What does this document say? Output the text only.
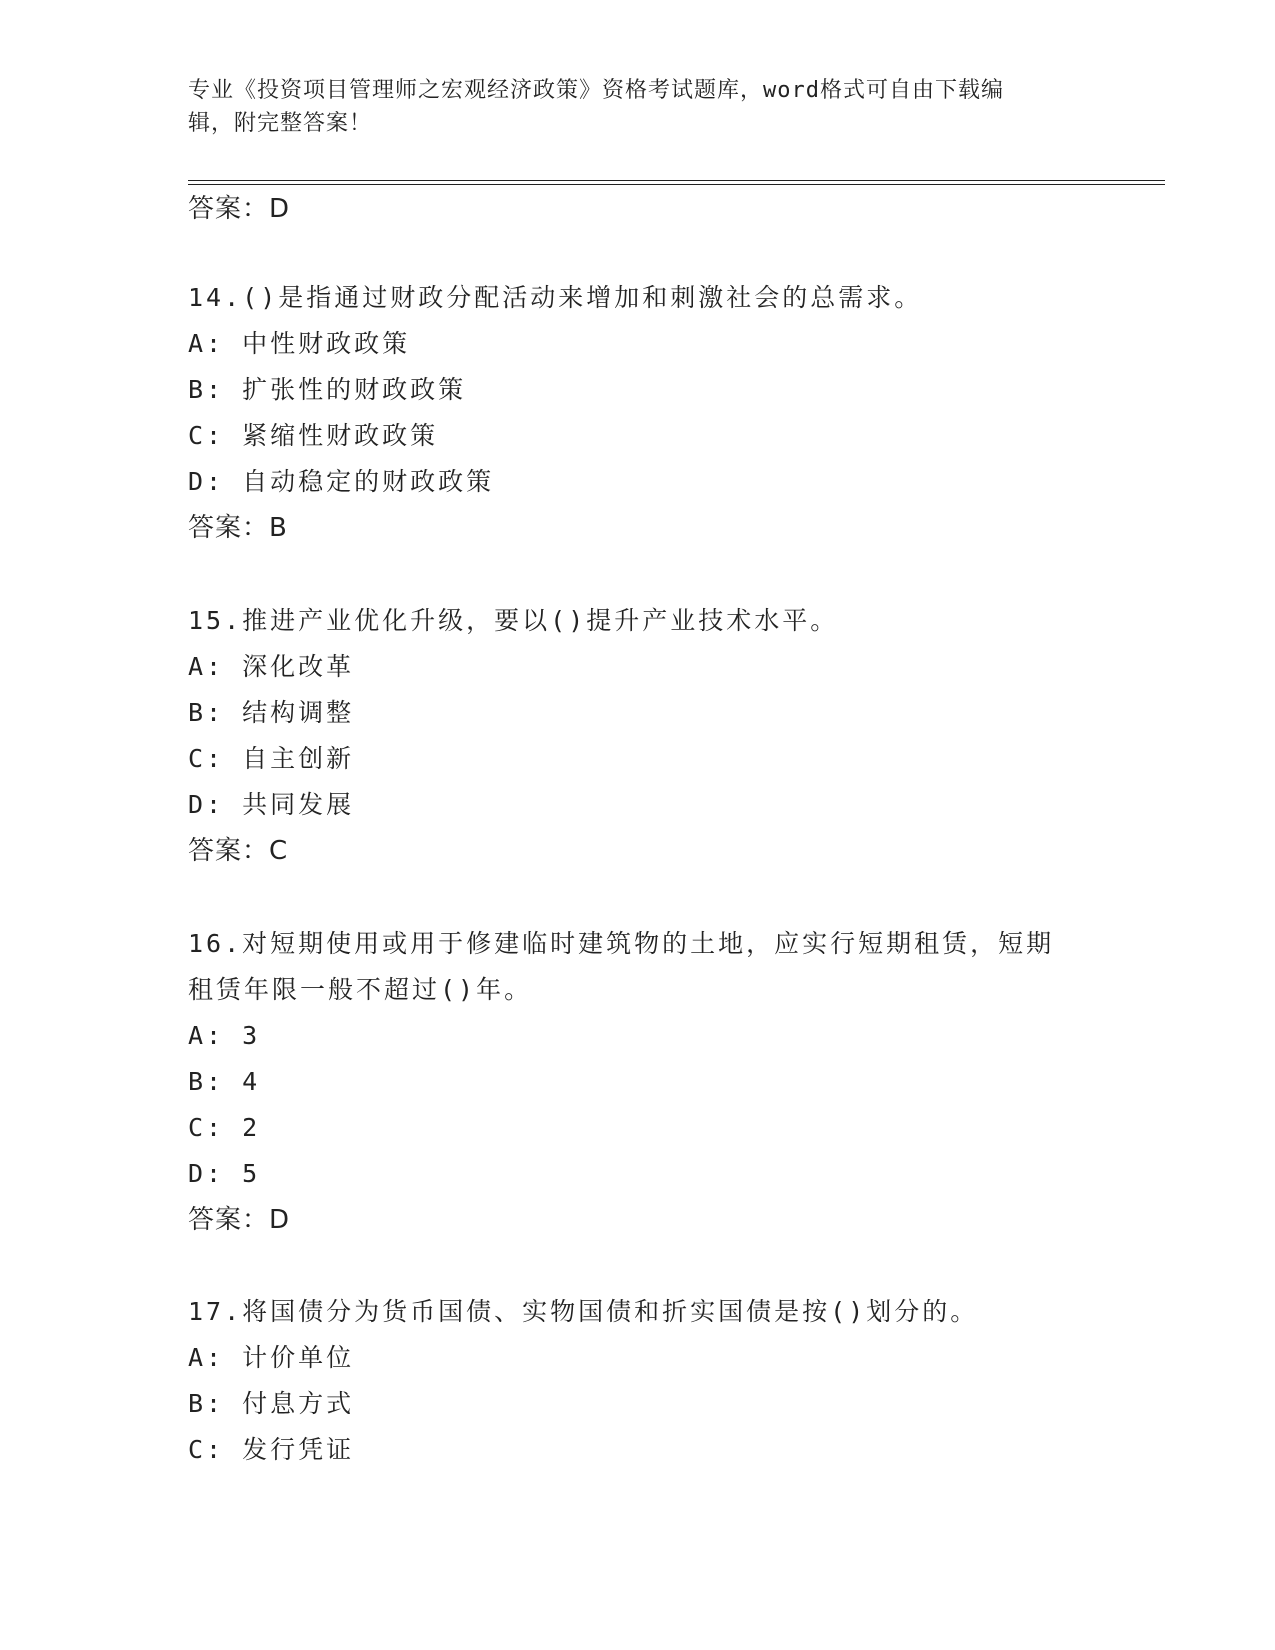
专业《投资项目管理师之宏观经济政策》资格考试题库，word格式可自由下载编
辑，附完整答案！
答案：D
14.()是指通过财政分配活动来增加和刺激社会的总需求。
A: 中性财政政策
B: 扩张性的财政政策
C: 紧缩性财政政策
D: 自动稳定的财政政策
答案：B
15.推进产业优化升级，要以()提升产业技术水平。
A: 深化改革
B: 结构调整
C: 自主创新
D: 共同发展
答案：C
16.对短期使用或用于修建临时建筑物的土地，应实行短期租赁，短期
租赁年限一般不超过()年。
A: 3
B: 4
C: 2
D: 5
答案：D
17.将国债分为货币国债、实物国债和折实国债是按()划分的。
A: 计价单位
B: 付息方式
C: 发行凭证
